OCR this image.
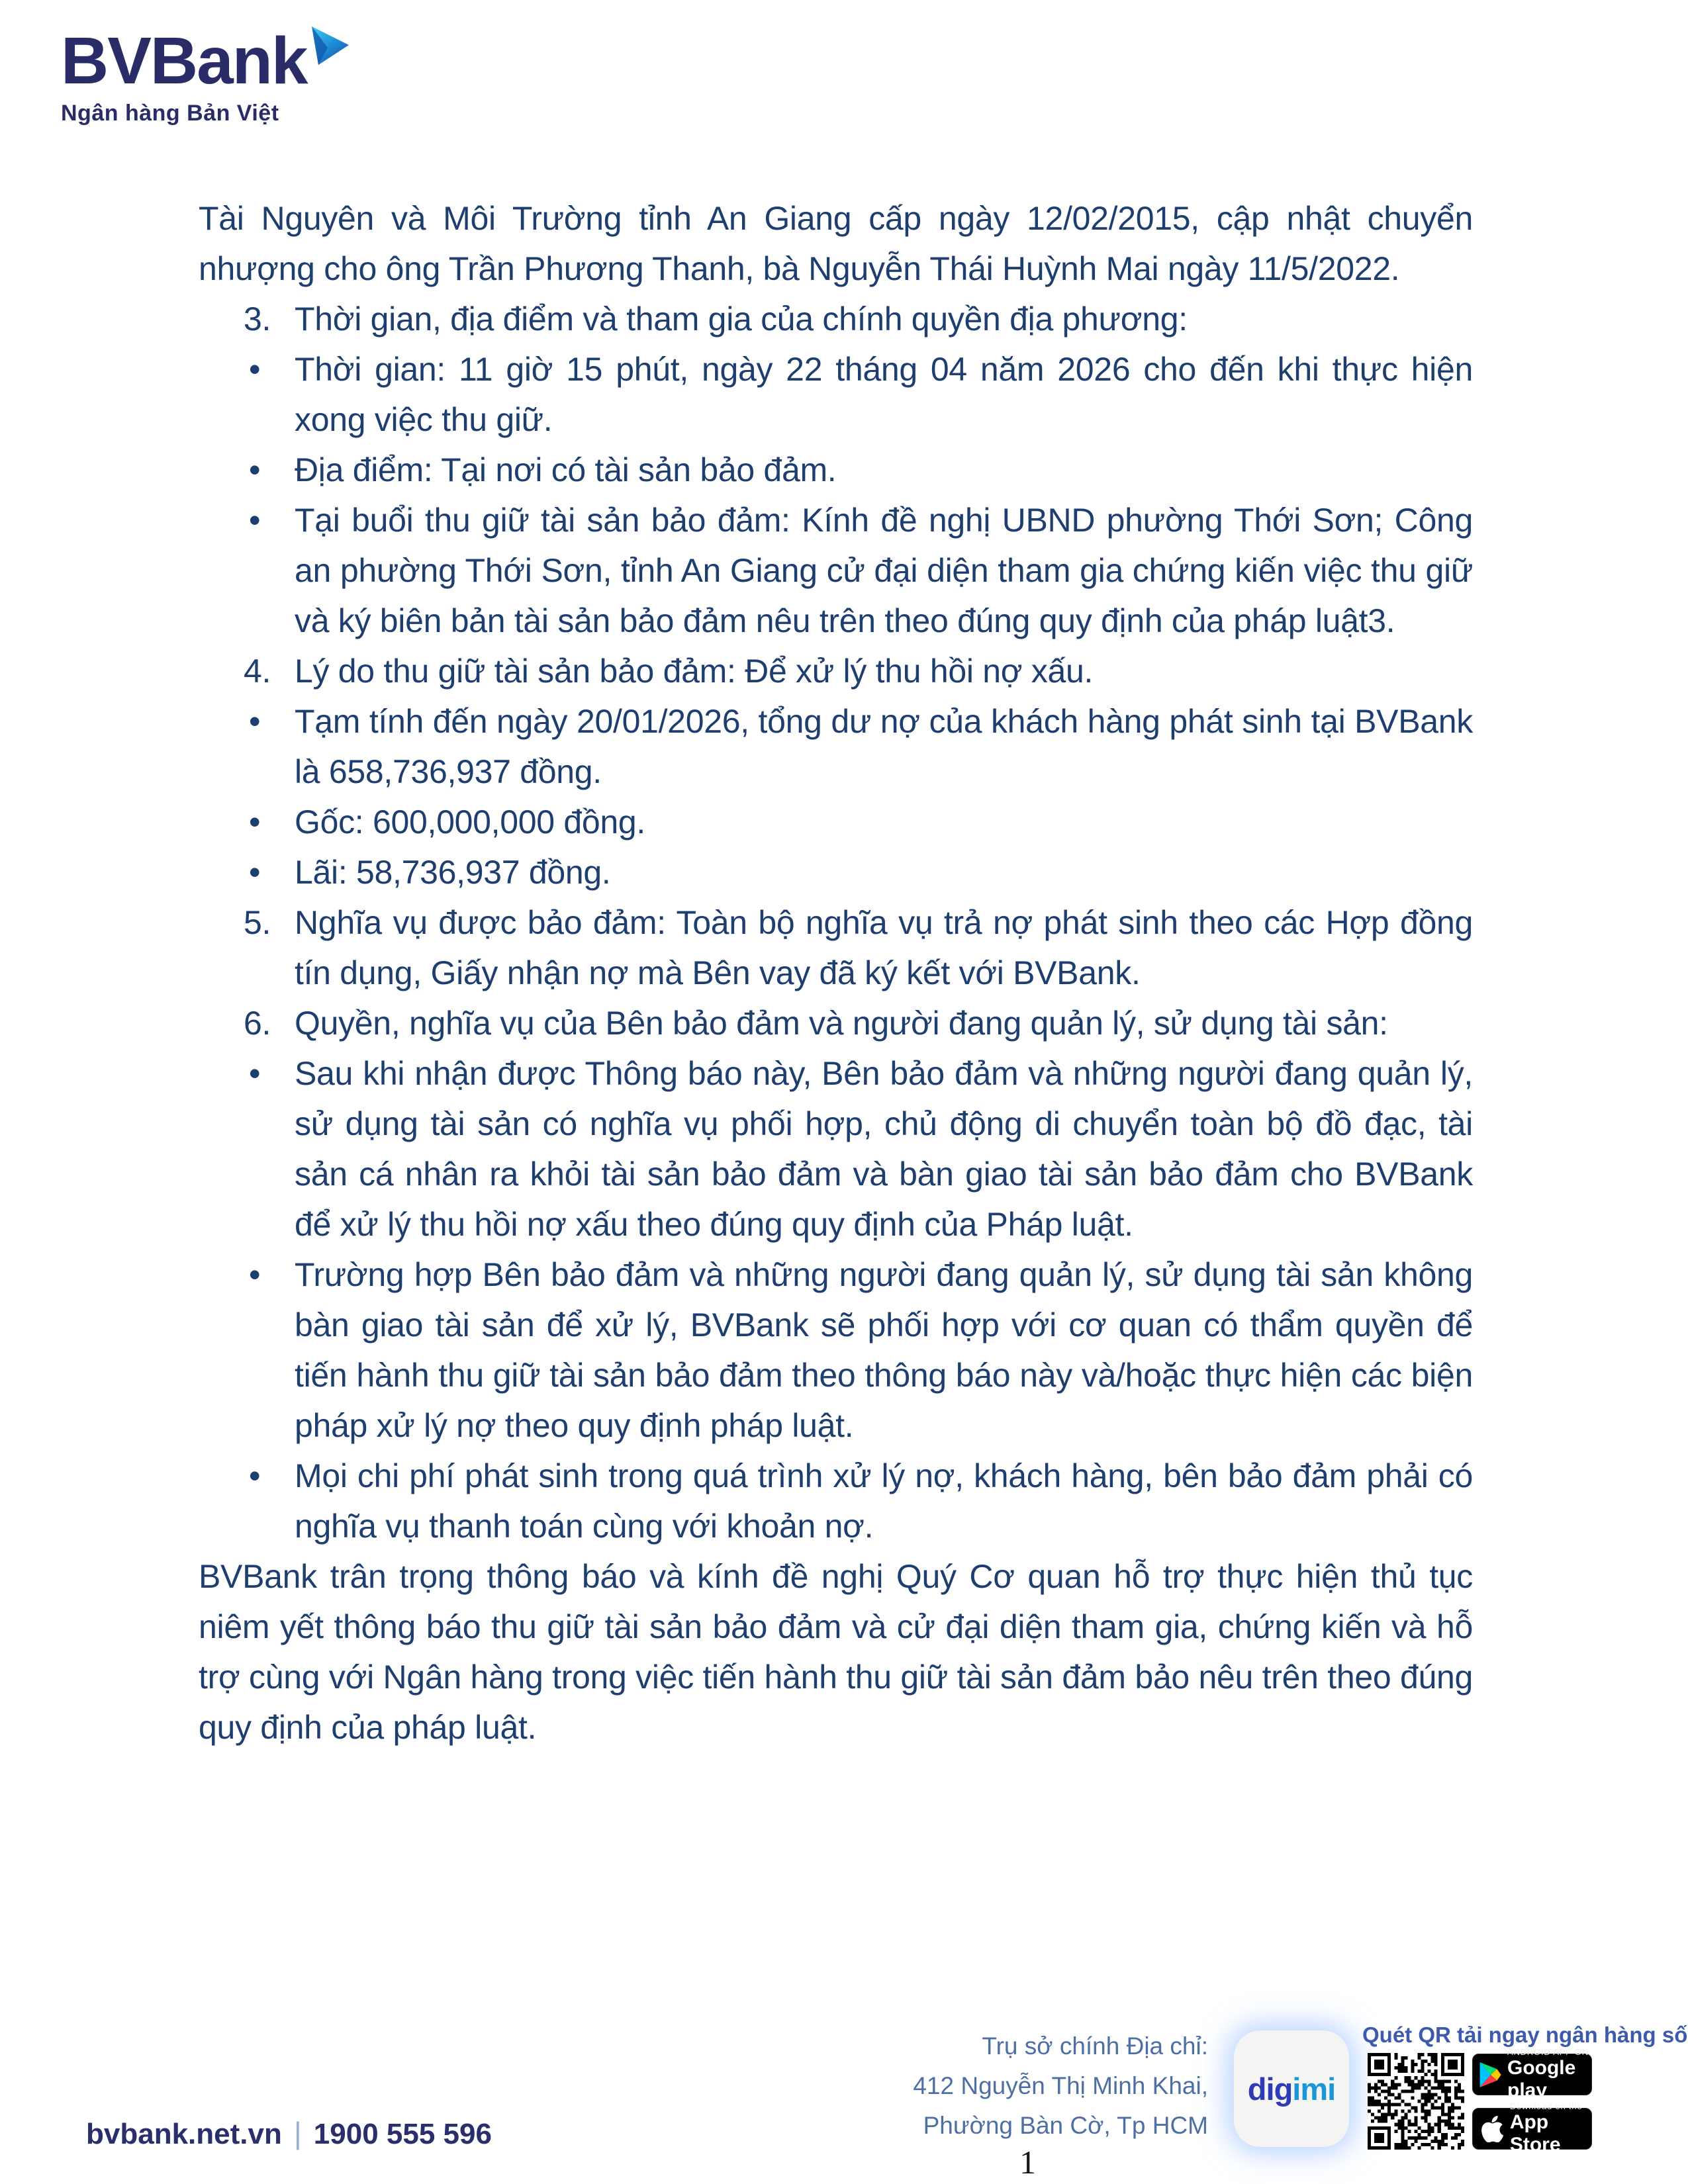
BVBank
Ngân hàng Bản Việt

Tài Nguyên và Môi Trường tỉnh An Giang cấp ngày 12/02/2015, cập nhật chuyển nhượng cho ông Trần Phương Thanh, bà Nguyễn Thái Huỳnh Mai ngày 11/5/2022.

3. Thời gian, địa điểm và tham gia của chính quyền địa phương:
• Thời gian: 11 giờ 15 phút, ngày 22 tháng 04 năm 2026 cho đến khi thực hiện xong việc thu giữ.
• Địa điểm: Tại nơi có tài sản bảo đảm.
• Tại buổi thu giữ tài sản bảo đảm: Kính đề nghị UBND phường Thới Sơn; Công an phường Thới Sơn, tỉnh An Giang cử đại diện tham gia chứng kiến việc thu giữ và ký biên bản tài sản bảo đảm nêu trên theo đúng quy định của pháp luật3.
4. Lý do thu giữ tài sản bảo đảm: Để xử lý thu hồi nợ xấu.
• Tạm tính đến ngày 20/01/2026, tổng dư nợ của khách hàng phát sinh tại BVBank là 658,736,937 đồng.
• Gốc: 600,000,000 đồng.
• Lãi: 58,736,937 đồng.
5. Nghĩa vụ được bảo đảm: Toàn bộ nghĩa vụ trả nợ phát sinh theo các Hợp đồng tín dụng, Giấy nhận nợ mà Bên vay đã ký kết với BVBank.
6. Quyền, nghĩa vụ của Bên bảo đảm và người đang quản lý, sử dụng tài sản:
• Sau khi nhận được Thông báo này, Bên bảo đảm và những người đang quản lý, sử dụng tài sản có nghĩa vụ phối hợp, chủ động di chuyển toàn bộ đồ đạc, tài sản cá nhân ra khỏi tài sản bảo đảm và bàn giao tài sản bảo đảm cho BVBank để xử lý thu hồi nợ xấu theo đúng quy định của Pháp luật.
• Trường hợp Bên bảo đảm và những người đang quản lý, sử dụng tài sản không bàn giao tài sản để xử lý, BVBank sẽ phối hợp với cơ quan có thẩm quyền để tiến hành thu giữ tài sản bảo đảm theo thông báo này và/hoặc thực hiện các biện pháp xử lý nợ theo quy định pháp luật.
• Mọi chi phí phát sinh trong quá trình xử lý nợ, khách hàng, bên bảo đảm phải có nghĩa vụ thanh toán cùng với khoản nợ.

BVBank trân trọng thông báo và kính đề nghị Quý Cơ quan hỗ trợ thực hiện thủ tục niêm yết thông báo thu giữ tài sản bảo đảm và cử đại diện tham gia, chứng kiến và hỗ trợ cùng với Ngân hàng trong việc tiến hành thu giữ tài sản đảm bảo nêu trên theo đúng quy định của pháp luật.

bvbank.net.vn | 1900 555 596
Trụ sở chính Địa chỉ:
412 Nguyễn Thị Minh Khai,
Phường Bàn Cờ, Tp HCM
dig imi
Quét QR tải ngay ngân hàng số
ANDROID APP ON
Google play
Download on the
App Store
1
